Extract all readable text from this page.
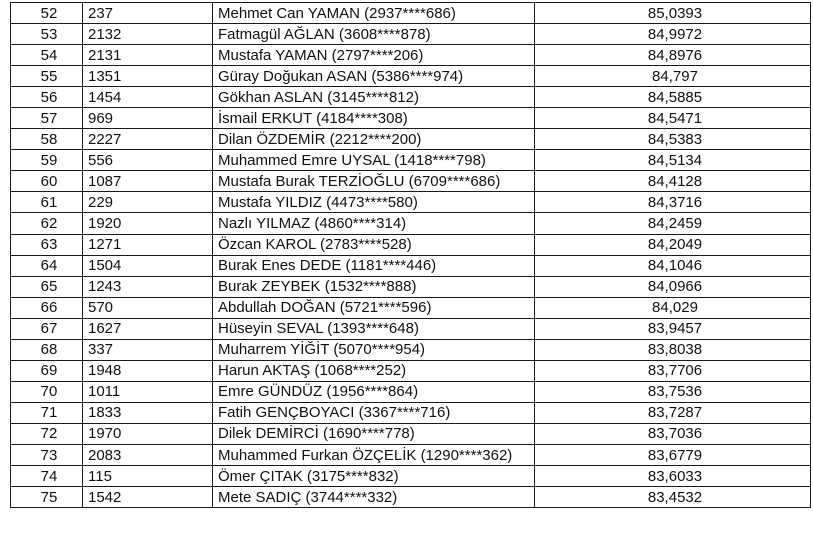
52	237	Mehmet Can YAMAN (2937****686)	85,0393
53	2132	Fatmagül AĞLAN (3608****878)	84,9972
54	2131	Mustafa YAMAN (2797****206)	84,8976
55	1351	Güray Doğukan ASAN (5386****974)	84,797
56	1454	Gökhan ASLAN (3145****812)	84,5885
57	969	İsmail ERKUT (4184****308)	84,5471
58	2227	Dilan ÖZDEMİR (2212****200)	84,5383
59	556	Muhammed Emre UYSAL (1418****798)	84,5134
60	1087	Mustafa Burak TERZİOĞLU (6709****686)	84,4128
61	229	Mustafa YILDIZ (4473****580)	84,3716
62	1920	Nazlı YILMAZ (4860****314)	84,2459
63	1271	Özcan KAROL (2783****528)	84,2049
64	1504	Burak Enes DEDE (1181****446)	84,1046
65	1243	Burak ZEYBEK (1532****888)	84,0966
66	570	Abdullah DOĞAN (5721****596)	84,029
67	1627	Hüseyin SEVAL (1393****648)	83,9457
68	337	Muharrem YİĞİT (5070****954)	83,8038
69	1948	Harun AKTAŞ (1068****252)	83,7706
70	1011	Emre GÜNDÜZ (1956****864)	83,7536
71	1833	Fatih GENÇBOYACI (3367****716)	83,7287
72	1970	Dilek DEMİRCİ (1690****778)	83,7036
73	2083	Muhammed Furkan ÖZÇELİK (1290****362)	83,6779
74	115	Ömer ÇITAK (3175****832)	83,6033
75	1542	Mete SADIÇ (3744****332)	83,4532
